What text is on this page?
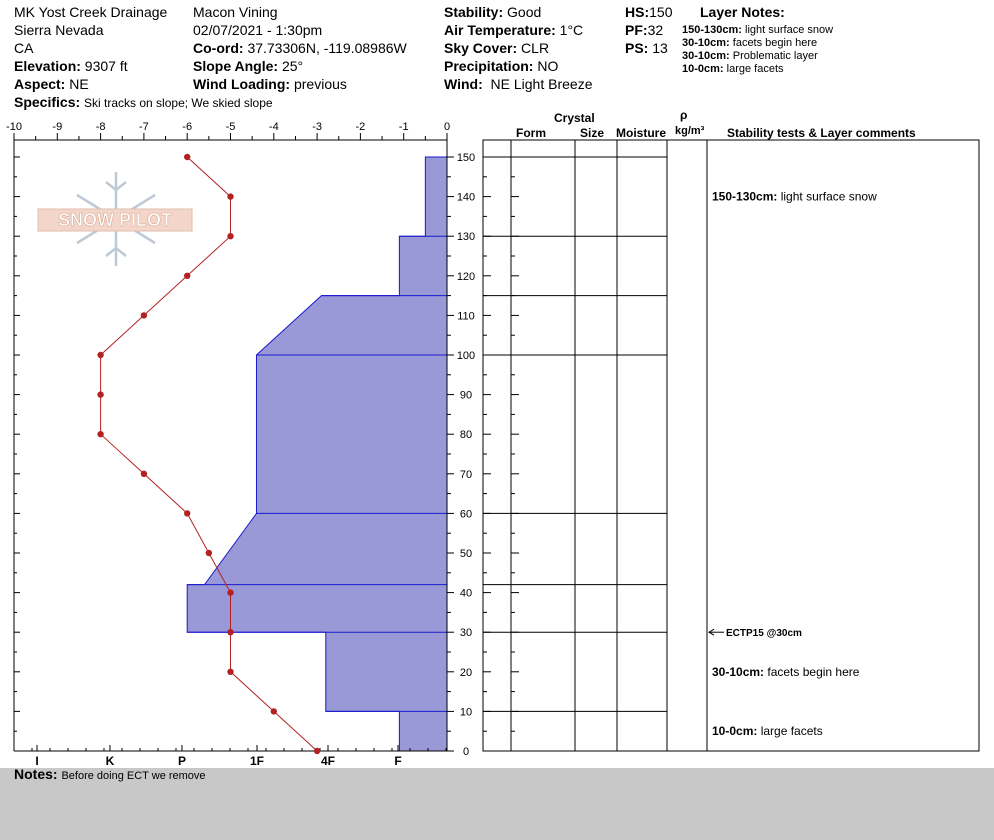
MK Yost Creek Drainage
Sierra Nevada
CA
Elevation: 9307 ft
Aspect: NE
Specifics: Ski tracks on slope; We skied slope
Macon Vining
02/07/2021 - 1:30pm
Co-ord: 37.73306N, -119.08986W
Slope Angle: 25°
Wind Loading: previous
Stability: Good
Air Temperature: 1°C
Sky Cover: CLR
Precipitation: NO
Wind: NE Light Breeze
HS:150
PF:32
PS: 13
Layer Notes:
150-130cm: light surface snow
30-10cm: facets begin here
30-10cm: Problematic layer
10-0cm: large facets
Crystal
Form	Size Moisture
ρ
kg/m³ Stability tests & Layer comments
SNOW PILOT
-10	-9	-8	-7	-6	-5	-4	-3	-2	-1	0
0
10
20
30
40
50
60
70
80
90
100
110
120
130
140
150
I	K	P	1F	4F	F
150-130cm: light surface snow
ECTP15 @30cm
30-10cm: facets begin here
10-0cm: large facets
Notes: Before doing ECT we remove
